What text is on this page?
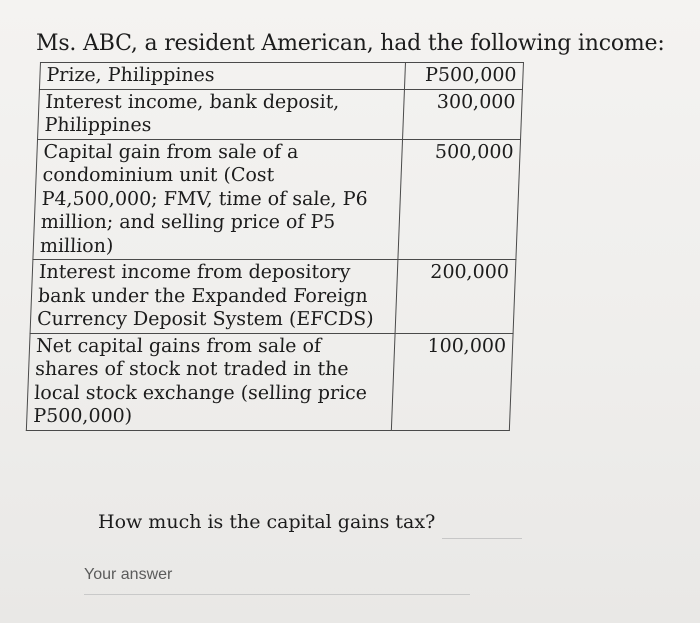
Ms. ABC, a resident American, had the following income:
Prize, Philippines	P500,000
Interest income, bank deposit, Philippines	300,000
Capital gain from sale of a condominium unit (Cost P4,500,000; FMV, time of sale, P6 million; and selling price of P5 million)	500,000
Interest income from depository bank under the Expanded Foreign Currency Deposit System (EFCDS)	200,000
Net capital gains from sale of shares of stock not traded in the local stock exchange (selling price P500,000)	100,000
How much is the capital gains tax?
Your answer
